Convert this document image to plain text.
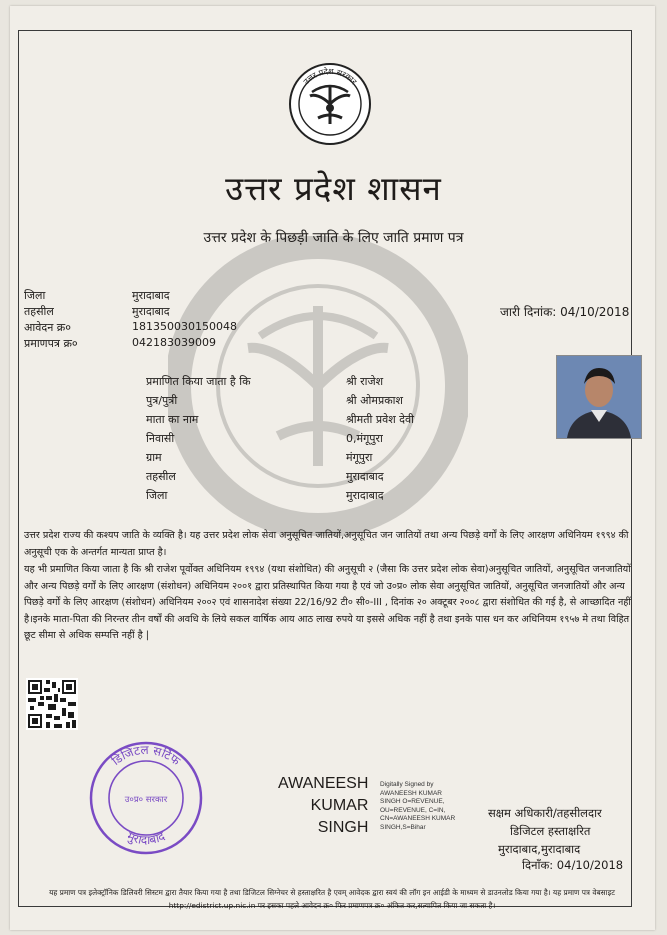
उत्तर प्रदेश सरकार
उत्तर प्रदेश शासन
उत्तर प्रदेश के पिछड़ी जाति के लिए जाति प्रमाण पत्र
जिला	मुरादाबाद
तहसील	मुरादाबाद
आवेदन क्र०	181350030150048
प्रमाणपत्र क्र०	042183039009
जारी दिनांक: 04/10/2018
प्रमाणित किया जाता है कि	श्री राजेश
पुत्र/पुत्री	श्री ओमप्रकाश
माता का नाम	श्रीमती प्रवेश देवी
निवासी	0,मंगूपुरा
ग्राम	मंगूपुरा
तहसील	मुरादाबाद
जिला	मुरादाबाद
उत्तर प्रदेश राज्य की कश्यप जाति के व्यक्ति है। यह उत्तर प्रदेश लोक सेवा अनुसूचित जातियों,अनुसूचित जन जातियों तथा अन्य पिछड़े वर्गों के लिए आरक्षण अधिनियम १९९४ की अनुसूची एक के अन्तर्गत मान्यता प्राप्त है।
यह भी प्रमाणित किया जाता है कि श्री राजेश पूर्वोक्त अधिनियम १९९४ (यथा संशोधित) की अनुसूची २ (जैसा कि उत्तर प्रदेश लोक सेवा)अनुसूचित जातियों, अनुसूचित जनजातियों और अन्य पिछड़े वर्गों के लिए आरक्षण (संशोधन) अधिनियम २००१ द्वारा प्रतिस्थापित किया गया है एवं जो उ०प्र० लोक सेवा अनुसूचित जातियों, अनुसूचित जनजातियों और अन्य पिछड़े वर्गों के लिए आरक्षण (संशोधन) अधिनियम २००२ एवं शासनादेश संख्या 22/16/92 टी० सी०-III , दिनांक २० अक्टूबर २००८ द्वारा संशोधित की गई है, से आच्छादित नहीं है।इनके माता-पिता की निरन्तर तीन वर्षों की अवधि के लिये सकल वार्षिक आय आठ लाख रुपये या इससे अधिक नहीं है तथा इनके पास धन कर अधिनियम १९५७ मे तथा विहित छूट सीमा से अधिक सम्पत्ति नहीं है |
डिजिटल सर्टिफ
मुरादाबाद
उ०प्र० सरकार
AWANEESH
KUMAR
SINGH
Digitally Signed by
AWANEESH KUMAR
SINGH O=REVENUE,
OU=REVENUE, C=IN,
CN=AWANEESH KUMAR
SINGH,S=Bihar
सक्षम अधिकारी/तहसीलदार
डिजिटल हस्ताक्षरित
मुरादाबाद,मुरादाबाद
दिनाँक: 04/10/2018
यह प्रमाण पत्र इलेक्ट्रॉनिक डिलिवरी सिस्टम द्वारा तैयार किया गया है तथा डिजिटल सिग्नेचर से हस्ताक्षरित है एवम् आवेदक द्वारा स्वयं की लॉग इन आईडी के माध्यम से डाउनलोड किया गया है। यह प्रमाण पत्र वेबसाइट http://edistrict.up.nic.in पर इसका पहले आवेदन क्र० फिर प्रमाणपत्र क्र० अंकित कर,सत्यापित किया जा सकता है।
